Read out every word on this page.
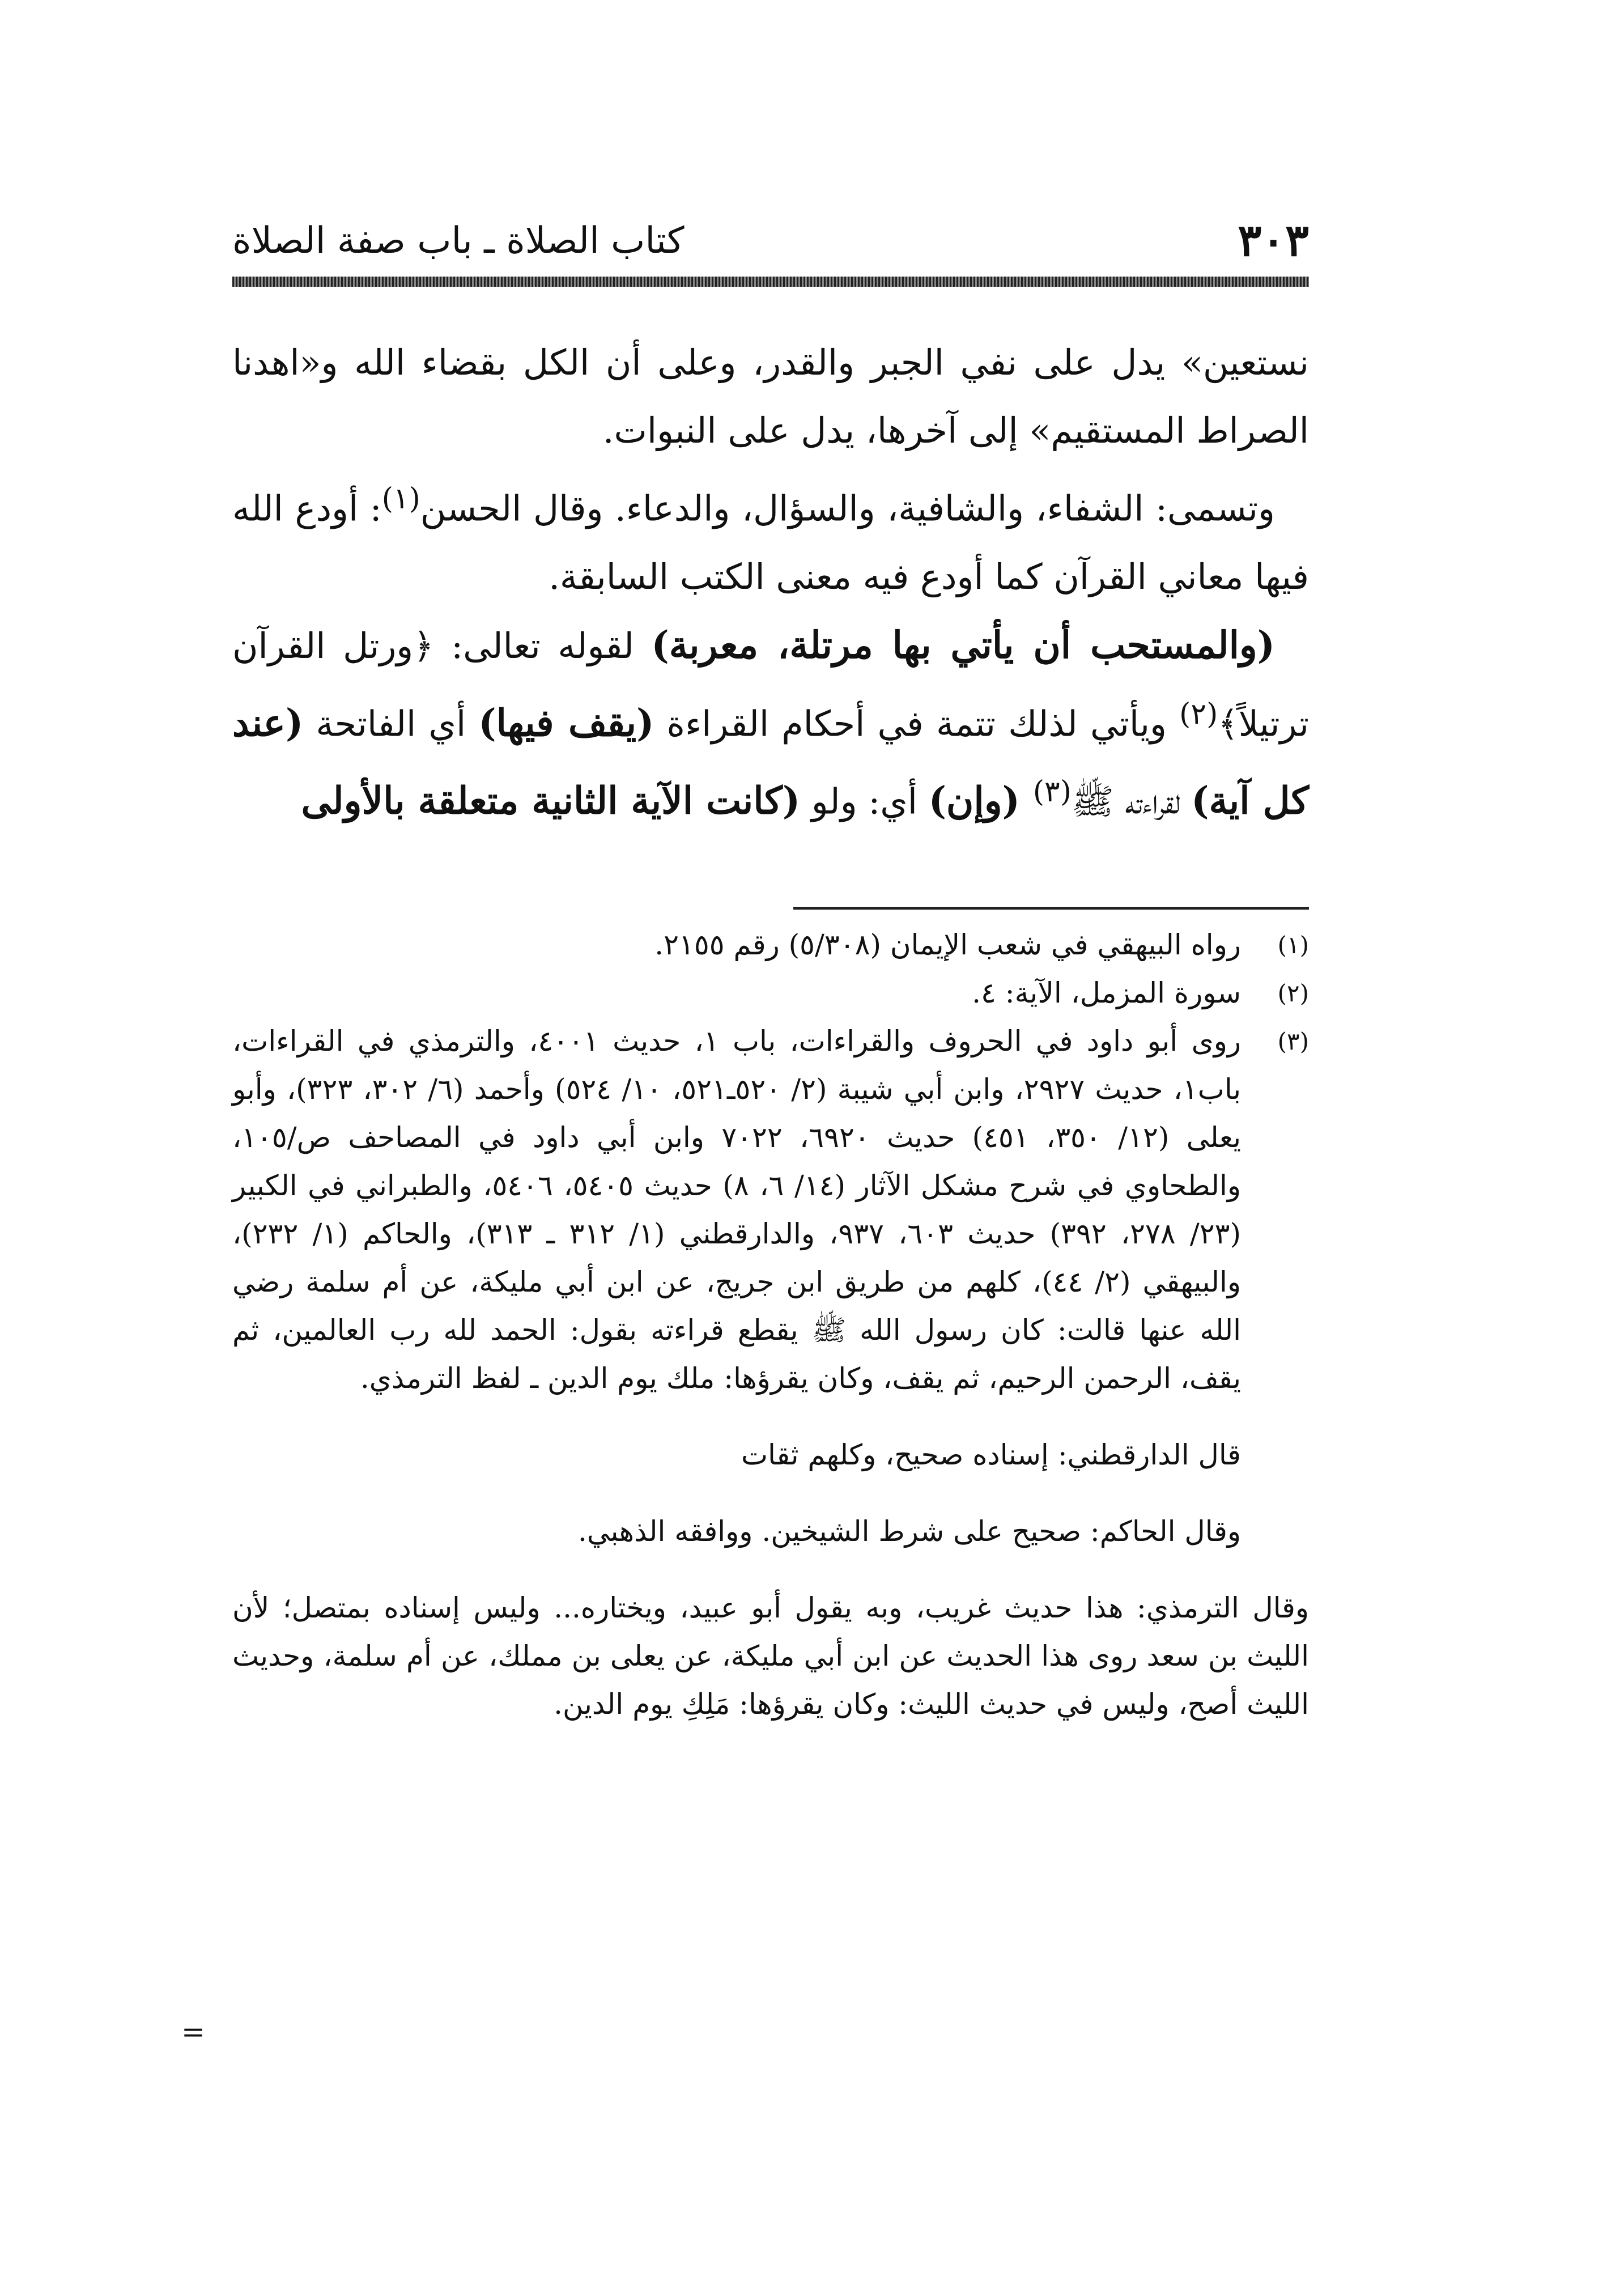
٣٠٣
كتاب الصلاة ـ باب صفة الصلاة

نستعين» يدل على نفي الجبر والقدر، وعلى أن الكل بقضاء الله و«اهدنا الصراط المستقيم» إلى آخرها، يدل على النبوات.

وتسمى: الشفاء، والشافية، والسؤال، والدعاء. وقال الحسن$^{(١)}$: أودع الله فيها معاني القرآن كما أودع فيه معنى الكتب السابقة.

(والمستحب أن يأتي بها مرتلة، معربة) لقوله تعالى: ﴿ورتل القرآن ترتيلاً﴾$^{(٢)}$ ويأتي لذلك تتمة في أحكام القراءة (يقف فيها) أي الفاتحة (عند كل آية) لقراءته ﷺ$^{(٣)}$ (وإن) أي: ولو (كانت الآية الثانية متعلقة بالأولى

(١)

رواه البيهقي في شعب الإيمان (٥/٣٠٨) رقم ٢١٥٥.

(٢)

سورة المزمل، الآية: ٤.

(٣)

روى أبو داود في الحروف والقراءات، باب ١، حديث ٤٠٠١، والترمذي في القراءات، باب١، حديث ٢٩٢٧، وابن أبي شيبة (٢/ ٥٢٠ـ٥٢١، ١٠/ ٥٢٤) وأحمد (٦/ ٣٠٢، ٣٢٣)، وأبو يعلى (١٢/ ٣٥٠، ٤٥١) حديث ٦٩٢٠، ٧٠٢٢ وابن أبي داود في المصاحف ص/١٠٥، والطحاوي في شرح مشكل الآثار (١٤/ ٦، ٨) حديث ٥٤٠٥، ٥٤٠٦، والطبراني في الكبير (٢٣/ ٢٧٨، ٣٩٢) حديث ٦٠٣، ٩٣٧، والدارقطني (١/ ٣١٢ ـ ٣١٣)، والحاكم (١/ ٢٣٢)، والبيهقي (٢/ ٤٤)، كلهم من طريق ابن جريج، عن ابن أبي مليكة، عن أم سلمة رضي الله عنها قالت: كان رسول الله ﷺ يقطع قراءته بقول: الحمد لله رب العالمين، ثم يقف، الرحمن الرحيم، ثم يقف، وكان يقرؤها: ملك يوم الدين ـ لفظ الترمذي.

قال الدارقطني: إسناده صحيح، وكلهم ثقات

وقال الحاكم: صحيح على شرط الشيخين. ووافقه الذهبي.

وقال الترمذي: هذا حديث غريب، وبه يقول أبو عبيد، ويختاره... وليس إسناده بمتصل؛ لأن الليث بن سعد روى هذا الحديث عن ابن أبي مليكة، عن يعلى بن مملك، عن أم سلمة، وحديث الليث أصح، وليس في حديث الليث: وكان يقرؤها: مَلِكِ يوم الدين.

=
